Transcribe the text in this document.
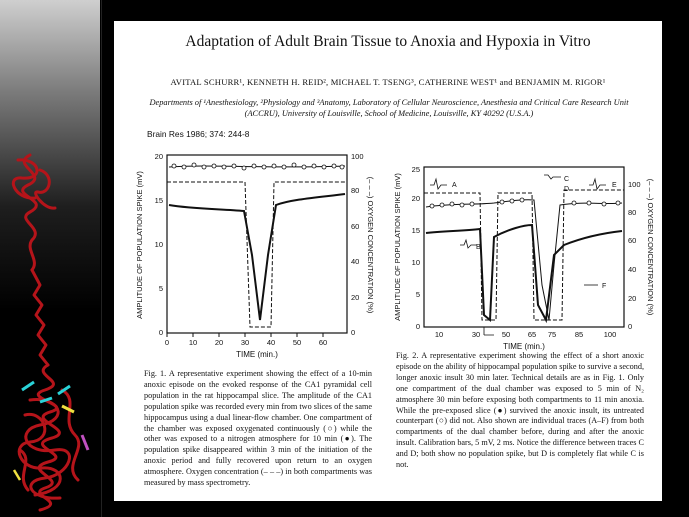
Adaptation of Adult Brain Tissue to Anoxia and Hypoxia in Vitro
AVITAL SCHURR¹, KENNETH H. REID², MICHAEL T. TSENG³, CATHERINE WEST¹ and BENJAMIN M. RIGOR¹
Departments of ¹Anesthesiology, ²Physiology and ³Anatomy, Laboratory of Cellular Neuroscience, Anesthesia and Critical Care Research Unit (ACCRU), University of Louisville, School of Medicine, Louisville, KY 40292 (U.S.A.)
Brain Res 1986; 374: 244-8
0	10 20 30 40 50 60
TIME (min.)
0
5
10
15
20
0
20
40
60
80
100
AMPLITUDE OF POPULATION SPIKE (mV)	(– – –) OXYGEN CONCENTRATION (%)
Fig. 1. A representative experiment showing the effect of a 10-min anoxic episode on the evoked response of the CA1 pyramidal cell population in the rat hippocampal slice. The amplitude of the CA1 population spike was recorded every min from two slices of the same hippocampus using a dual linear-flow chamber. One compartment of the chamber was exposed oxygenated continuously (○) while the other was exposed to a nitrogen atmosphere for 10 min (●). The population spike disappeared within 3 min of the initiation of the anoxic period and fully recovered upon return to an oxygen atmosphere. Oxygen concentration (– – –) in both compartments was measured by mass spectrometry.
A
B
C
D
E
F
10	30	50 65 75 85	100
TIME (min.)
0
5
10
15
20
25
0
20
40
60
80
100
AMPLITUDE OF POPULATION SPIKE (mV)	(– – –) OXYGEN CONCENTRATION (%)
Fig. 2. A representative experiment showing the effect of a short anoxic episode on the ability of hippocampal population spike to survive a second, longer anoxic insult 30 min later. Technical details are as in Fig. 1. Only one compartment of the dual chamber was exposed to 5 min of N₂ atmosphere 30 min before exposing both compartments to 11 min anoxia. While the pre-exposed slice (●) survived the anoxic insult, its untreated counterpart (○) did not. Also shown are individual traces (A–F) from both compartments of the dual chamber before, during and after the anoxic insult. Calibration bars, 5 mV, 2 ms. Notice the difference between traces C and D; both show no population spike, but D is completely flat while C is not.
